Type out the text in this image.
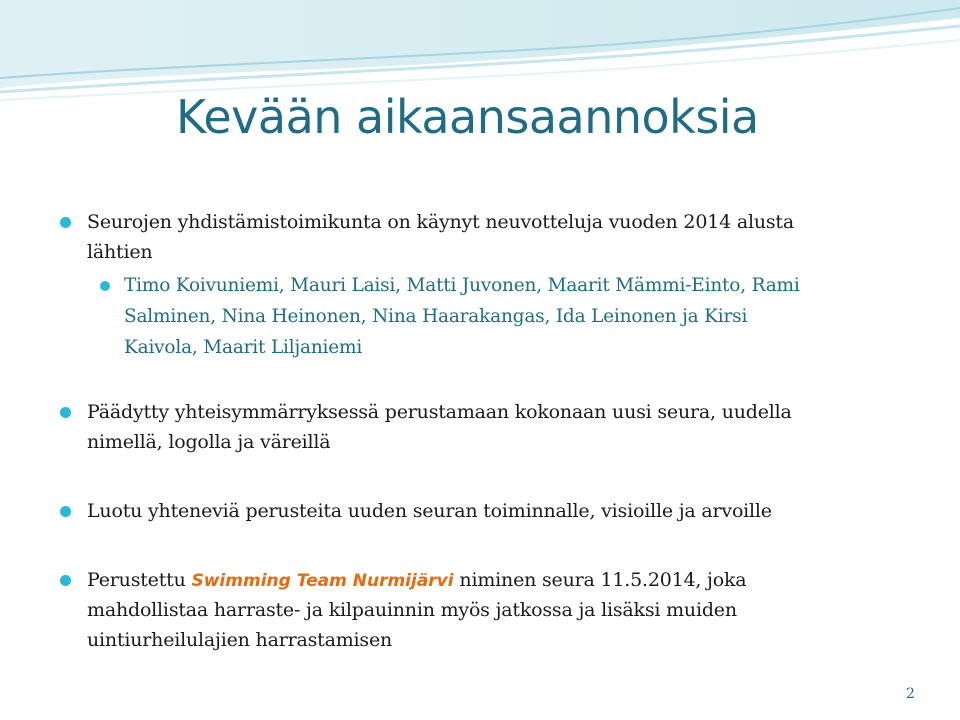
Kevään aikaansaannoksia
Seurojen yhdistämistoimikunta on käynyt neuvotteluja vuoden 2014 alusta
lähtien
Timo Koivuniemi, Mauri Laisi, Matti Juvonen, Maarit Mämmi-Einto, Rami
Salminen, Nina Heinonen, Nina Haarakangas, Ida Leinonen ja Kirsi
Kaivola, Maarit Liljaniemi
Päädytty yhteisymmärryksessä perustamaan kokonaan uusi seura, uudella
nimellä, logolla ja väreillä
Luotu yhteneviä perusteita uuden seuran toiminnalle, visioille ja arvoille
Perustettu Swimming Team Nurmijärvi niminen seura 11.5.2014, joka
mahdollistaa harraste- ja kilpauinnin myös jatkossa ja lisäksi muiden
uintiurheilulajien harrastamisen
2
